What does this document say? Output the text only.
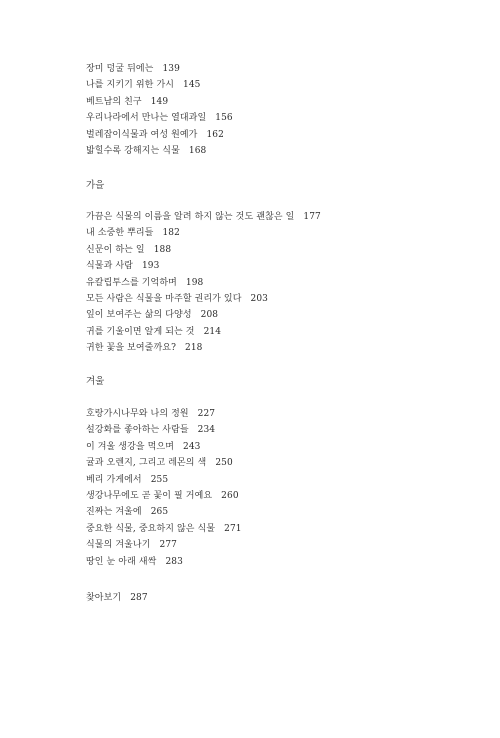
장미 덩굴 뒤에는 139
나를 지키기 위한 가시 145
베트남의 친구 149
우리나라에서 만나는 열대과일 156
벌레잡이식물과 여성 원예가 162
밟힐수록 강해지는 식물 168
가을
가끔은 식물의 이름을 알려 하지 않는 것도 괜찮은 일 177
내 소중한 뿌리들 182
신문이 하는 일 188
식물과 사람 193
유칼립투스를 기억하며 198
모든 사람은 식물을 마주할 권리가 있다 203
잎이 보여주는 삶의 다양성 208
귀를 기울이면 알게 되는 것 214
귀한 꽃을 보여줄까요? 218
겨울
호랑가시나무와 나의 정원 227
설강화를 좋아하는 사람들 234
이 겨울 생강을 먹으며 243
귤과 오렌지, 그리고 레몬의 색 250
베리 가게에서 255
생강나무에도 곧 꽃이 필 거예요 260
진짜는 겨울에 265
중요한 식물, 중요하지 않은 식물 271
식물의 겨울나기 277
땅인 눈 아래 새싹 283
찾아보기 287
